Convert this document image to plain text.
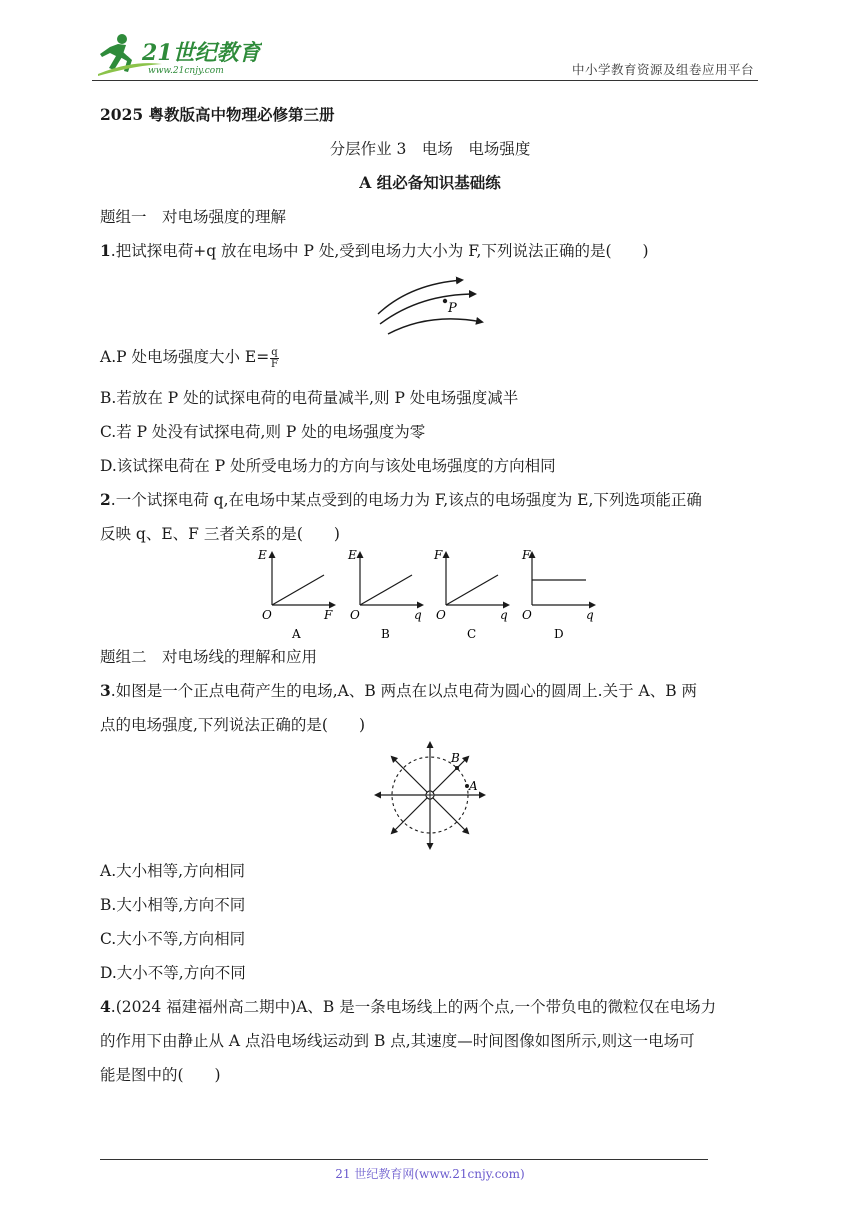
21世纪教育
www.21cnjy.com	中小学教育资源及组卷应用平台
2025 粤教版高中物理必修第三册
分层作业 3　电场　电场强度
A 组必备知识基础练
题组一　对电场强度的理解
1.把试探电荷+q 放在电场中 P 处,受到电场力大小为 F,下列说法正确的是(　　)
P
A.P 处电场强度大小 $E= \frac{q}{F}$
B.若放在 P 处的试探电荷的电荷量减半,则 P 处电场强度减半
C.若 P 处没有试探电荷,则 P 处的电场强度为零
D.该试探电荷在 P 处所受电场力的方向与该处电场强度的方向相同
2.一个试探电荷 q,在电场中某点受到的电场力为 F,该点的电场强度为 E,下列选项能正确
反映 q、E、F 三者关系的是(　　)
E
F
O
A
E
q
O
B
F
q
O
C
F
q
O
D
题组二　对电场线的理解和应用
3.如图是一个正点电荷产生的电场,A、B 两点在以点电荷为圆心的圆周上.关于 A、B 两
点的电场强度,下列说法正确的是(　　)
B
A
A.大小相等,方向相同
B.大小相等,方向不同
C.大小不等,方向相同
D.大小不等,方向不同
4.(2024 福建福州高二期中)A、B 是一条电场线上的两个点,一个带负电的微粒仅在电场力
的作用下由静止从 A 点沿电场线运动到 B 点,其速度—时间图像如图所示,则这一电场可
能是图中的(　　)
21 世纪教育网(www.21cnjy.com)
